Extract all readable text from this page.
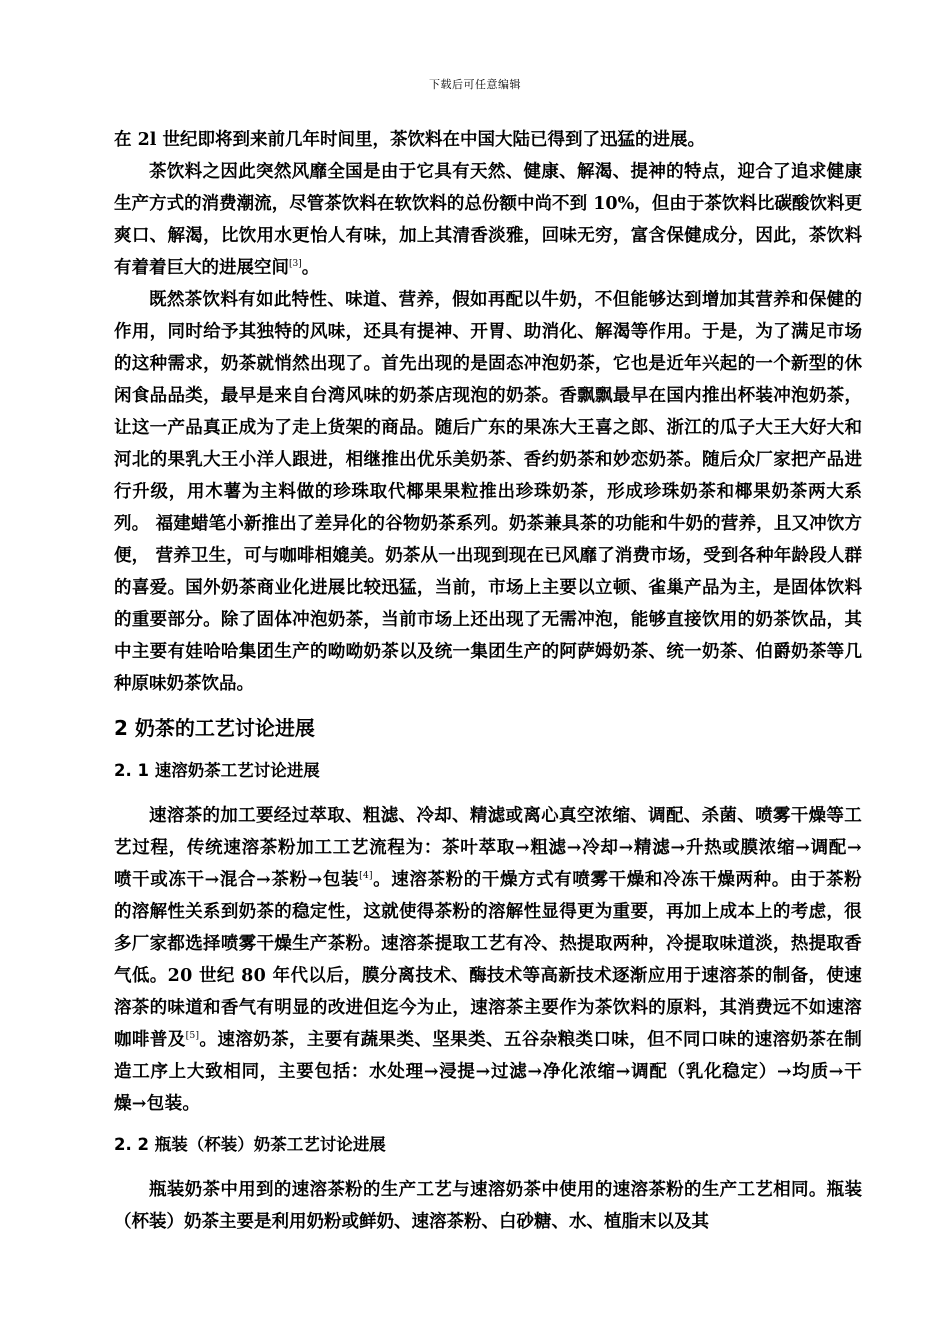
下载后可任意编辑

在 2l 世纪即将到来前几年时间里，茶饮料在中国大陆已得到了迅猛的进展。

茶饮料之因此突然风靡全国是由于它具有天然、健康、解渴、提神的特点，迎合了追求健康生产方式的消费潮流，尽管茶饮料在软饮料的总份额中尚不到 10%，但由于茶饮料比碳酸饮料更爽口、解渴，比饮用水更怡人有味，加上其清香淡雅，回味无穷，富含保健成分，因此，茶饮料有着着巨大的进展空间[3]。

既然茶饮料有如此特性、味道、营养，假如再配以牛奶，不但能够达到增加其营养和保健的作用，同时给予其独特的风味，还具有提神、开胃、助消化、解渴等作用。于是，为了满足市场的这种需求，奶茶就悄然出现了。首先出现的是固态冲泡奶茶，它也是近年兴起的一个新型的休闲食品品类，最早是来自台湾风味的奶茶店现泡的奶茶。香飘飘最早在国内推出杯装冲泡奶茶，让这一产品真正成为了走上货架的商品。随后广东的果冻大王喜之郎、浙江的瓜子大王大好大和河北的果乳大王小洋人跟进，相继推出优乐美奶茶、香约奶茶和妙恋奶茶。随后众厂家把产品进行升级，用木薯为主料做的珍珠取代椰果果粒推出珍珠奶茶，形成珍珠奶茶和椰果奶茶两大系列。 福建蜡笔小新推出了差异化的谷物奶茶系列。奶茶兼具茶的功能和牛奶的营养，且又冲饮方便， 营养卫生，可与咖啡相媲美。奶茶从一出现到现在已风靡了消费市场，受到各种年龄段人群的喜爱。国外奶茶商业化进展比较迅猛，当前，市场上主要以立顿、雀巢产品为主，是固体饮料的重要部分。除了固体冲泡奶茶，当前市场上还出现了无需冲泡，能够直接饮用的奶茶饮品，其中主要有娃哈哈集团生产的呦呦奶茶以及统一集团生产的阿萨姆奶茶、统一奶茶、伯爵奶茶等几种原味奶茶饮品。

2 奶茶的工艺讨论进展
2. 1 速溶奶茶工艺讨论进展

速溶茶的加工要经过萃取、粗滤、冷却、精滤或离心真空浓缩、调配、杀菌、喷雾干燥等工艺过程，传统速溶茶粉加工工艺流程为：茶叶萃取→粗滤→冷却→精滤→升热或膜浓缩→调配→喷干或冻干→混合→茶粉→包装[4]。速溶茶粉的干燥方式有喷雾干燥和冷冻干燥两种。由于茶粉的溶解性关系到奶茶的稳定性，这就使得茶粉的溶解性显得更为重要，再加上成本上的考虑，很多厂家都选择喷雾干燥生产茶粉。速溶茶提取工艺有冷、热提取两种，冷提取味道淡，热提取香气低。20 世纪 80 年代以后，膜分离技术、酶技术等高新技术逐渐应用于速溶茶的制备，使速溶茶的味道和香气有明显的改进但迄今为止，速溶茶主要作为茶饮料的原料，其消费远不如速溶咖啡普及[5]。速溶奶茶，主要有蔬果类、坚果类、五谷杂粮类口味，但不同口味的速溶奶茶在制造工序上大致相同，主要包括：水处理→浸提→过滤→净化浓缩→调配（乳化稳定）→均质→干燥→包装。

2. 2 瓶装（杯装）奶茶工艺讨论进展

瓶装奶茶中用到的速溶茶粉的生产工艺与速溶奶茶中使用的速溶茶粉的生产工艺相同。瓶装（杯装）奶茶主要是利用奶粉或鲜奶、速溶茶粉、白砂糖、水、植脂末以及其
